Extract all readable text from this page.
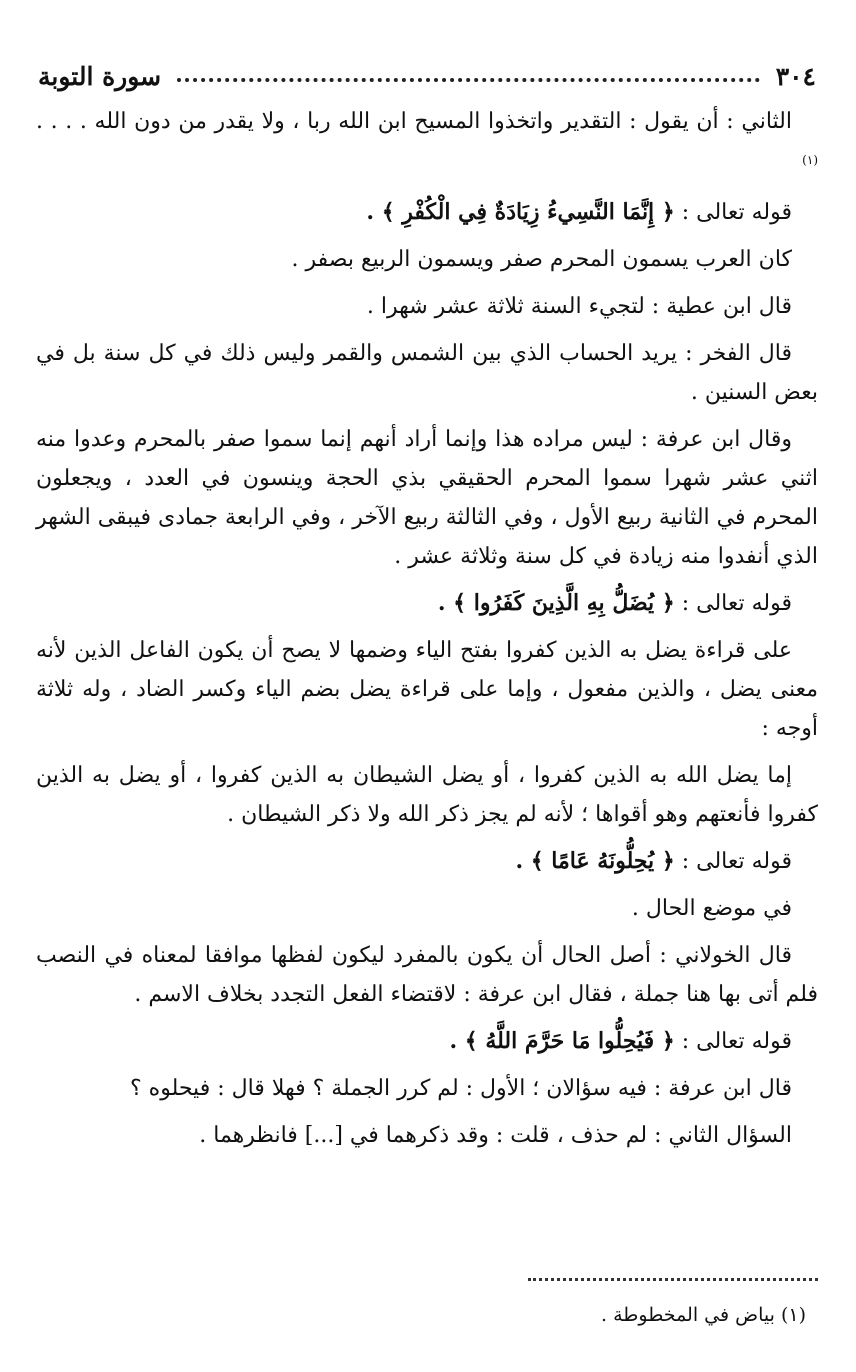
٣٠٤
سورة التوبة

الثاني : أن يقول : التقدير واتخذوا المسيح ابن الله ربا ، ولا يقدر من دون الله . . . .$^{(١)}$

قوله تعالى : ﴿ إِنَّمَا النَّسِيءُ زِيَادَةٌ فِي الْكُفْرِ ﴾ .

كان العرب يسمون المحرم صفر ويسمون الربيع بصفر .

قال ابن عطية : لتجيء السنة ثلاثة عشر شهرا .

قال الفخر : يريد الحساب الذي بين الشمس والقمر وليس ذلك في كل سنة بل في بعض السنين .

وقال ابن عرفة : ليس مراده هذا وإنما أراد أنهم إنما سموا صفر بالمحرم وعدوا منه اثني عشر شهرا سموا المحرم الحقيقي بذي الحجة وينسون في العدد ، ويجعلون المحرم في الثانية ربيع الأول ، وفي الثالثة ربيع الآخر ، وفي الرابعة جمادى فيبقى الشهر الذي أنفدوا منه زيادة في كل سنة وثلاثة عشر .

قوله تعالى : ﴿ يُضَلُّ بِهِ الَّذِينَ كَفَرُوا ﴾ .

على قراءة يضل به الذين كفروا بفتح الياء وضمها لا يصح أن يكون الفاعل الذين لأنه معنى يضل ، والذين مفعول ، وإما على قراءة يضل بضم الياء وكسر الضاد ، وله ثلاثة أوجه :

إما يضل الله به الذين كفروا ، أو يضل الشيطان به الذين كفروا ، أو يضل به الذين كفروا فأنعتهم وهو أقواها ؛ لأنه لم يجز ذكر الله ولا ذكر الشيطان .

قوله تعالى : ﴿ يُحِلُّونَهُ عَامًا ﴾ .

في موضع الحال .

قال الخولاني : أصل الحال أن يكون بالمفرد ليكون لفظها موافقا لمعناه في النصب فلم أتى بها هنا جملة ، فقال ابن عرفة : لاقتضاء الفعل التجدد بخلاف الاسم .

قوله تعالى : ﴿ فَيُحِلُّوا مَا حَرَّمَ اللَّهُ ﴾ .

قال ابن عرفة : فيه سؤالان ؛ الأول : لم كرر الجملة ؟ فهلا قال : فيحلوه ؟

السؤال الثاني : لم حذف ، قلت : وقد ذكرهما في [...] فانظرهما .

(١) بياض في المخطوطة .
